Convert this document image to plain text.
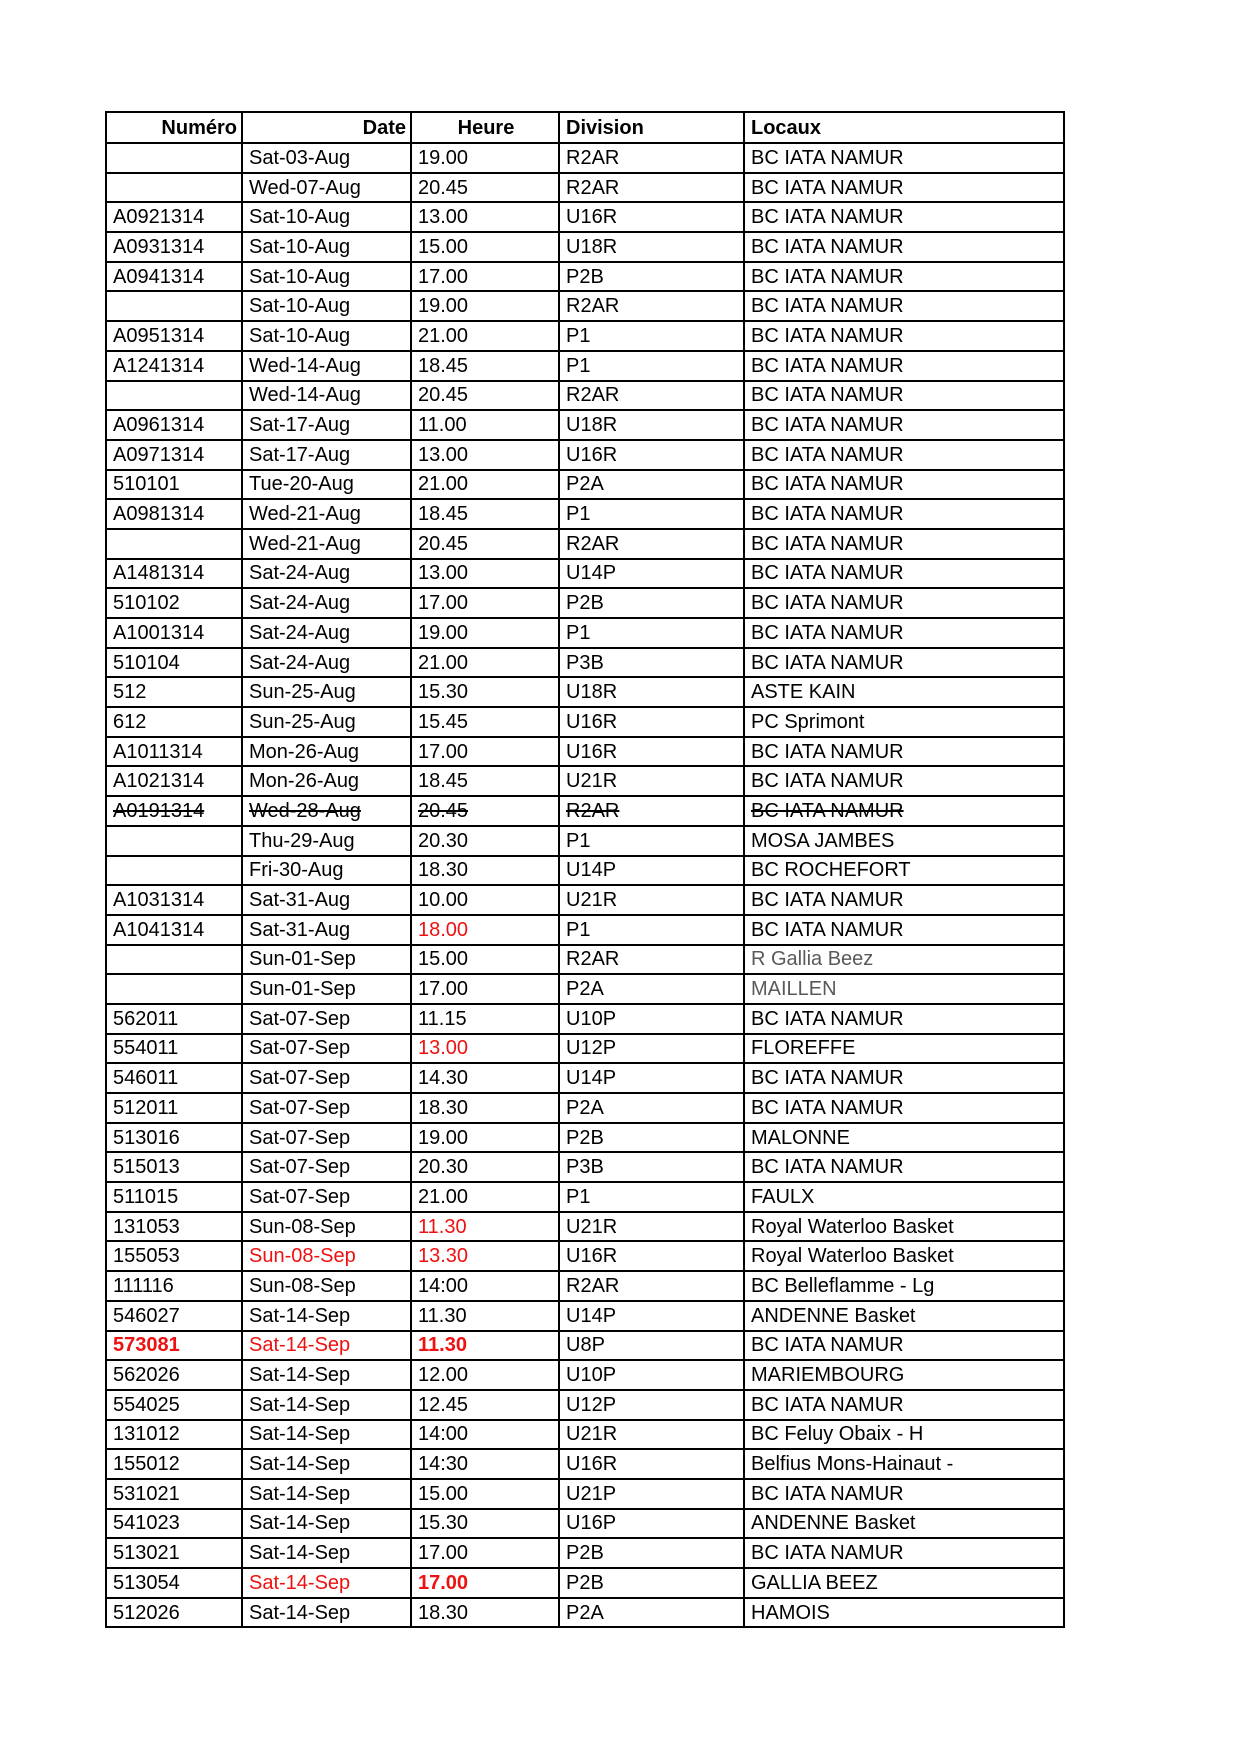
Numéro	Date	Heure	Division	Locaux
	Sat-03-Aug	19.00	R2AR	BC IATA NAMUR
	Wed-07-Aug	20.45	R2AR	BC IATA NAMUR
A0921314	Sat-10-Aug	13.00	U16R	BC IATA NAMUR
A0931314	Sat-10-Aug	15.00	U18R	BC IATA NAMUR
A0941314	Sat-10-Aug	17.00	P2B	BC IATA NAMUR
	Sat-10-Aug	19.00	R2AR	BC IATA NAMUR
A0951314	Sat-10-Aug	21.00	P1	BC IATA NAMUR
A1241314	Wed-14-Aug	18.45	P1	BC IATA NAMUR
	Wed-14-Aug	20.45	R2AR	BC IATA NAMUR
A0961314	Sat-17-Aug	11.00	U18R	BC IATA NAMUR
A0971314	Sat-17-Aug	13.00	U16R	BC IATA NAMUR
510101	Tue-20-Aug	21.00	P2A	BC IATA NAMUR
A0981314	Wed-21-Aug	18.45	P1	BC IATA NAMUR
	Wed-21-Aug	20.45	R2AR	BC IATA NAMUR
A1481314	Sat-24-Aug	13.00	U14P	BC IATA NAMUR
510102	Sat-24-Aug	17.00	P2B	BC IATA NAMUR
A1001314	Sat-24-Aug	19.00	P1	BC IATA NAMUR
510104	Sat-24-Aug	21.00	P3B	BC IATA NAMUR
512	Sun-25-Aug	15.30	U18R	ASTE KAIN
612	Sun-25-Aug	15.45	U16R	PC Sprimont
A1011314	Mon-26-Aug	17.00	U16R	BC IATA NAMUR
A1021314	Mon-26-Aug	18.45	U21R	BC IATA NAMUR
A0191314	Wed-28-Aug	20.45	R2AR	BC IATA NAMUR
	Thu-29-Aug	20.30	P1	MOSA JAMBES
	Fri-30-Aug	18.30	U14P	BC ROCHEFORT
A1031314	Sat-31-Aug	10.00	U21R	BC IATA NAMUR
A1041314	Sat-31-Aug	18.00	P1	BC IATA NAMUR
	Sun-01-Sep	15.00	R2AR	R Gallia Beez
	Sun-01-Sep	17.00	P2A	MAILLEN
562011	Sat-07-Sep	11.15	U10P	BC IATA NAMUR
554011	Sat-07-Sep	13.00	U12P	FLOREFFE
546011	Sat-07-Sep	14.30	U14P	BC IATA NAMUR
512011	Sat-07-Sep	18.30	P2A	BC IATA NAMUR
513016	Sat-07-Sep	19.00	P2B	MALONNE
515013	Sat-07-Sep	20.30	P3B	BC IATA NAMUR
511015	Sat-07-Sep	21.00	P1	FAULX
131053	Sun-08-Sep	11.30	U21R	Royal Waterloo Basket
155053	Sun-08-Sep	13.30	U16R	Royal Waterloo Basket
111116	Sun-08-Sep	14:00	R2AR	BC Belleflamme - Lg
546027	Sat-14-Sep	11.30	U14P	ANDENNE Basket
573081	Sat-14-Sep	11.30	U8P	BC IATA NAMUR
562026	Sat-14-Sep	12.00	U10P	MARIEMBOURG
554025	Sat-14-Sep	12.45	U12P	BC IATA NAMUR
131012	Sat-14-Sep	14:00	U21R	BC Feluy Obaix - H
155012	Sat-14-Sep	14:30	U16R	Belfius Mons-Hainaut -
531021	Sat-14-Sep	15.00	U21P	BC IATA NAMUR
541023	Sat-14-Sep	15.30	U16P	ANDENNE Basket
513021	Sat-14-Sep	17.00	P2B	BC IATA NAMUR
513054	Sat-14-Sep	17.00	P2B	GALLIA BEEZ
512026	Sat-14-Sep	18.30	P2A	HAMOIS
